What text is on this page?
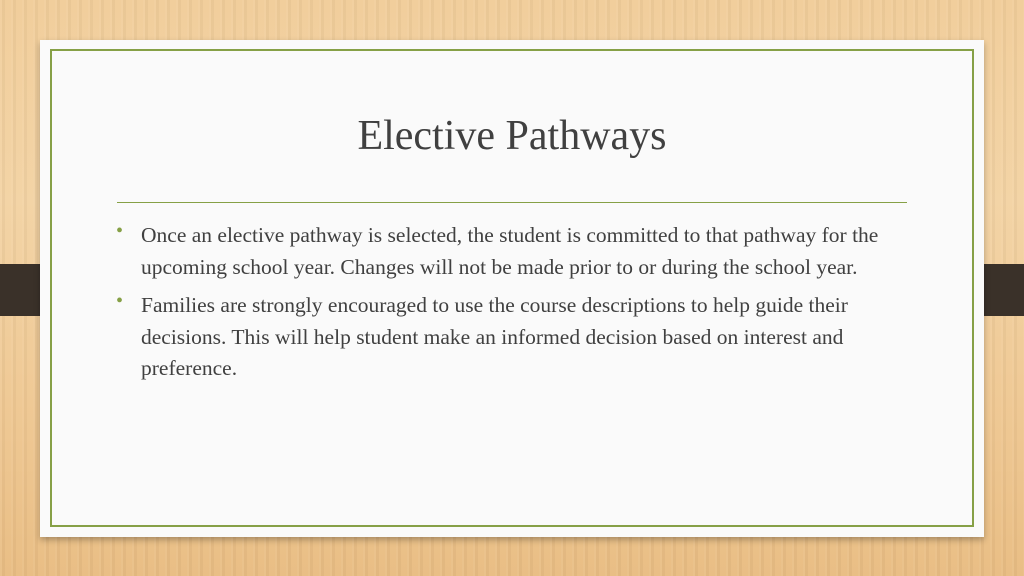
Elective Pathways
• Once an elective pathway is selected, the student is committed to that pathway for the upcoming school year. Changes will not be made prior to or during the school year.
• Families are strongly encouraged to use the course descriptions to help guide their decisions. This will help student make an informed decision based on interest and preference.
